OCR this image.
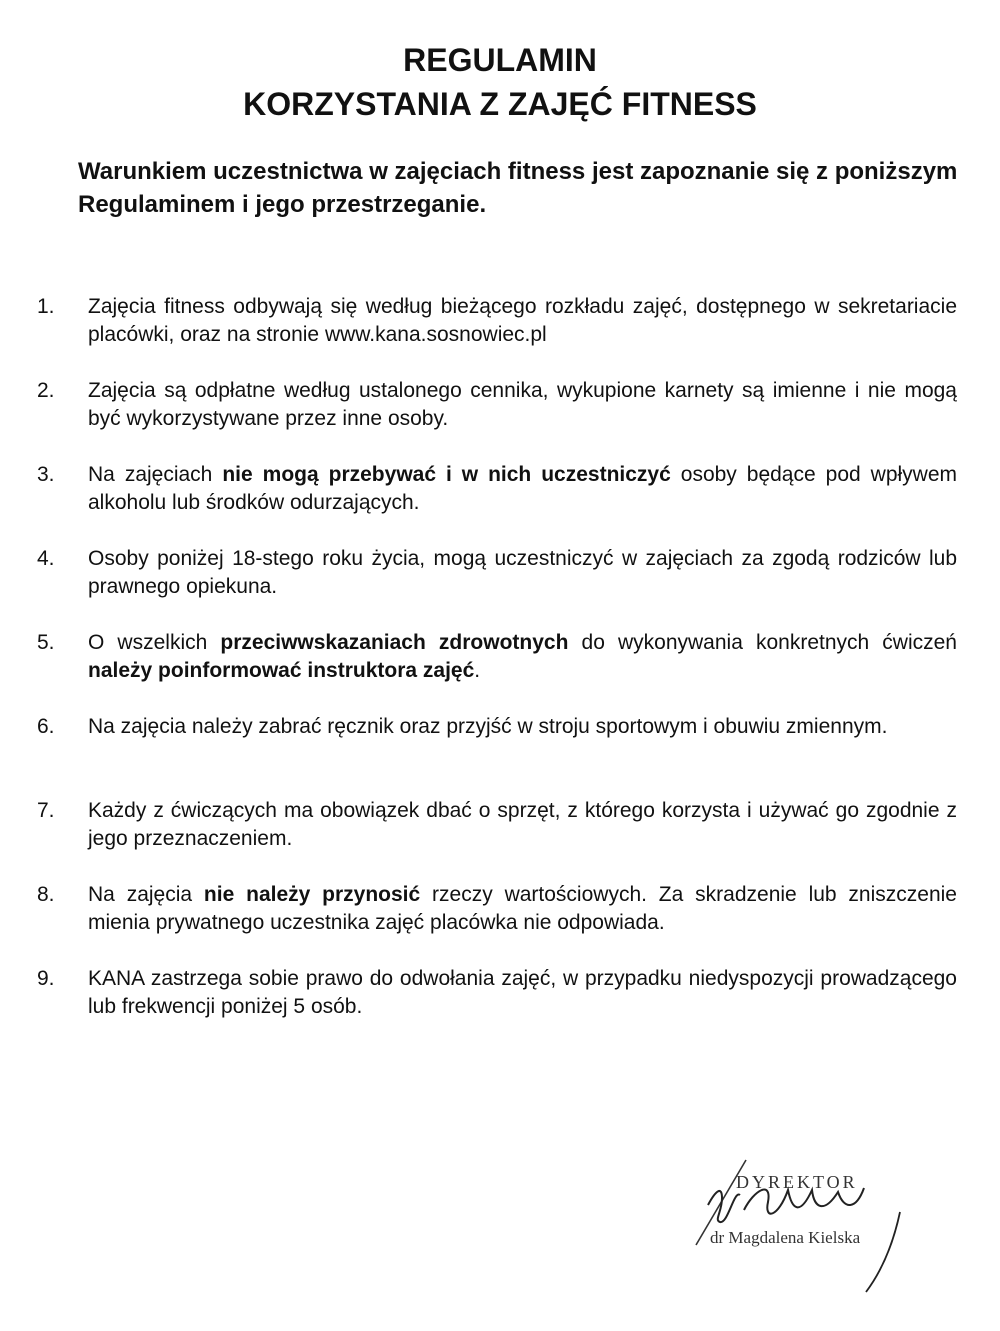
REGULAMIN
KORZYSTANIA Z ZAJĘĆ FITNESS

Warunkiem uczestnictwa w zajęciach fitness jest zapoznanie się z poniższym Regulaminem i jego przestrzeganie.

1.	Zajęcia fitness odbywają się według bieżącego rozkładu zajęć, dostępnego w sekretariacie placówki, oraz na stronie www.kana.sosnowiec.pl
2.	Zajęcia są odpłatne według ustalonego cennika, wykupione karnety są imienne i nie mogą być wykorzystywane przez inne osoby.
3.	Na zajęciach nie mogą przebywać i w nich uczestniczyć osoby będące pod wpływem alkoholu lub środków odurzających.
4.	Osoby poniżej 18-stego roku życia, mogą uczestniczyć w zajęciach za zgodą rodziców lub prawnego opiekuna.
5.	O wszelkich przeciwwskazaniach zdrowotnych do wykonywania konkretnych ćwiczeń należy poinformować instruktora zajęć.
6.	Na zajęcia należy zabrać ręcznik oraz przyjść w stroju sportowym i obuwiu zmiennym.
7.	Każdy z ćwiczących ma obowiązek dbać o sprzęt, z którego korzysta i używać go zgodnie z jego przeznaczeniem.
8.	Na zajęcia nie należy przynosić rzeczy wartościowych. Za skradzenie lub zniszczenie mienia prywatnego uczestnika zajęć placówka nie odpowiada.
9.	KANA zastrzega sobie prawo do odwołania zajęć, w przypadku niedyspozycji prowadzącego lub frekwencji poniżej 5 osób.
DYREKTOR
dr Magdalena Kielska
